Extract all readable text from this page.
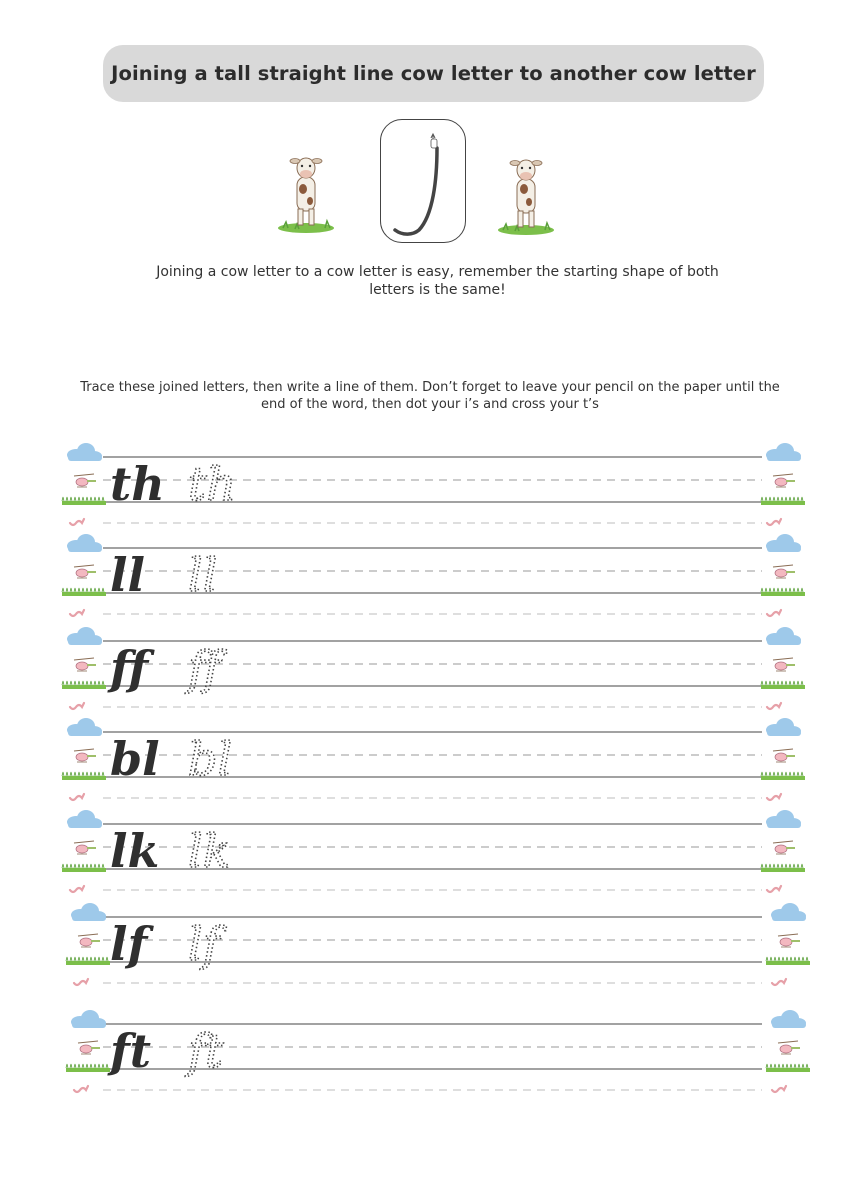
Joining a tall straight line cow letter to another cow letter
Joining a cow letter to a cow letter is easy, remember the starting shape of both letters is the same!
Trace these joined letters, then write a line of them. Don’t forget to leave your pencil on the paper until the end of the word, then dot your i’s and cross your t’s
th th
ll ll
ff ff
bl bl
lk lk
lf lf
ft ft
